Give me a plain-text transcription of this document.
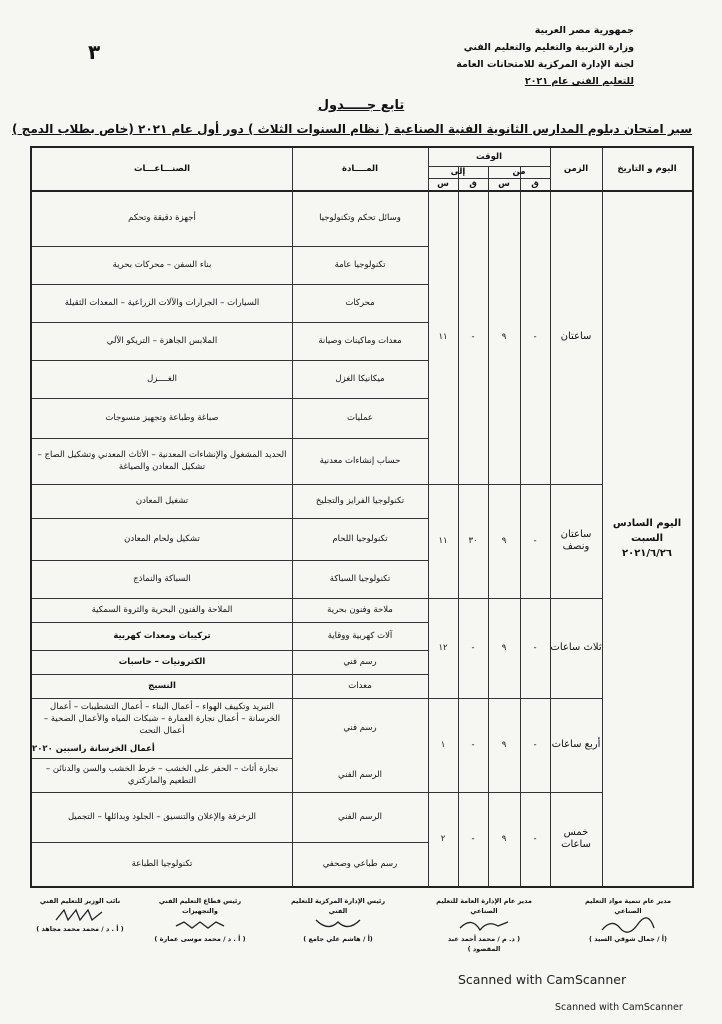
٣
جمهورية مصر العربية
وزارة التربية والتعليم والتعليم الفني
لجنة الإدارة المركزية للامتحانات العامة
للتعليم الفني عام ٢٠٢١
تابع جـــــدول
سير امتحان دبلوم المدارس الثانوية الفنية الصناعية ( نظام السنوات الثلاث ) دور أول عام ٢٠٢١ (خاص بطلاب الدمج )
اليوم و التاريخ
الزمن
الوقت
من
إلى
ق
س
ق
س
المــــادة
الصنـــاعـــات
اليوم السادس
السبت
٢٠٢١/٦/٢٦
ساعتان
-
٩
-
١١
ساعتان ونصف
-
٩
٣٠
١١
ثلاث ساعات
-
٩
-
١٢
أربع ساعات
-
٩
-
١
خمس ساعات
-
٩
-
٢
وسائل تحكم وتكنولوجيا
أجهزة دقيقة وتحكم
تكنولوجيا عامة
بناء السفن – محركات بحرية
محركات
السيارات – الجرارات والآلات الزراعية – المعدات الثقيلة
معدات وماكينات وصيانة
الملابس الجاهزة – التريكو الآلي
ميكانيكا الغزل
الغــــزل
عمليات
صباغة وطباعة وتجهيز منسوجات
حساب إنشاءات معدنية
الحديد المشغول والإنشاءات المعدنية – الأثاث المعدني وتشكيل الصاج – تشكيل المعادن والصياغة
تكنولوجيا الفرايز والتجليخ
تشغيل المعادن
تكنولوجيا اللحام
تشكيل ولحام المعادن
تكنولوجيا السباكة
السباكة والنماذج
ملاحة وفنون بحرية
الملاحة والفنون البحرية والثروة السمكية
آلات كهربية ووقاية
تركيبات ومعدات كهربية
رسم فني
الكترونيات – حاسبات
معدات
النسيج
رسم فني
التبريد وتكييف الهواء – أعمال البناء – أعمال التشطيبات – أعمال الخرسانة – أعمال نجارة العمارة – شبكات المياه والأعمال الصحية – أعمال النحت
أعمال الخرسانة راسبين ٢٠٢٠
الرسم الفني
نجارة أثاث – الحفر على الخشب – خرط الخشب والسن والدنائن – التطعيم والماركتري
الرسم الفني
الزخرفة والإعلان والتنسيق – الجلود وبدائلها – التجميل
رسم طباعي وصحفي
تكنولوجيا الطباعة
مدير عام تنمية مواد التعليم الصناعي
(أ / جمال شوقي السيد )
مدير عام الإدارة العامة للتعليم الصناعي
( د. م / محمد أحمد عبد المقصود )
رئيس الإدارة المركزية للتعليم الفني
(أ / هاشم علي جامع )
رئيس قطاع التعليم الفني والتجهيزات
( أ . د / محمد موسى عمارة )
نائب الوزير للتعليم الفني
( أ . د / محمد محمد مجاهد )
Scanned with CamScanner
Scanned with CamScanner
